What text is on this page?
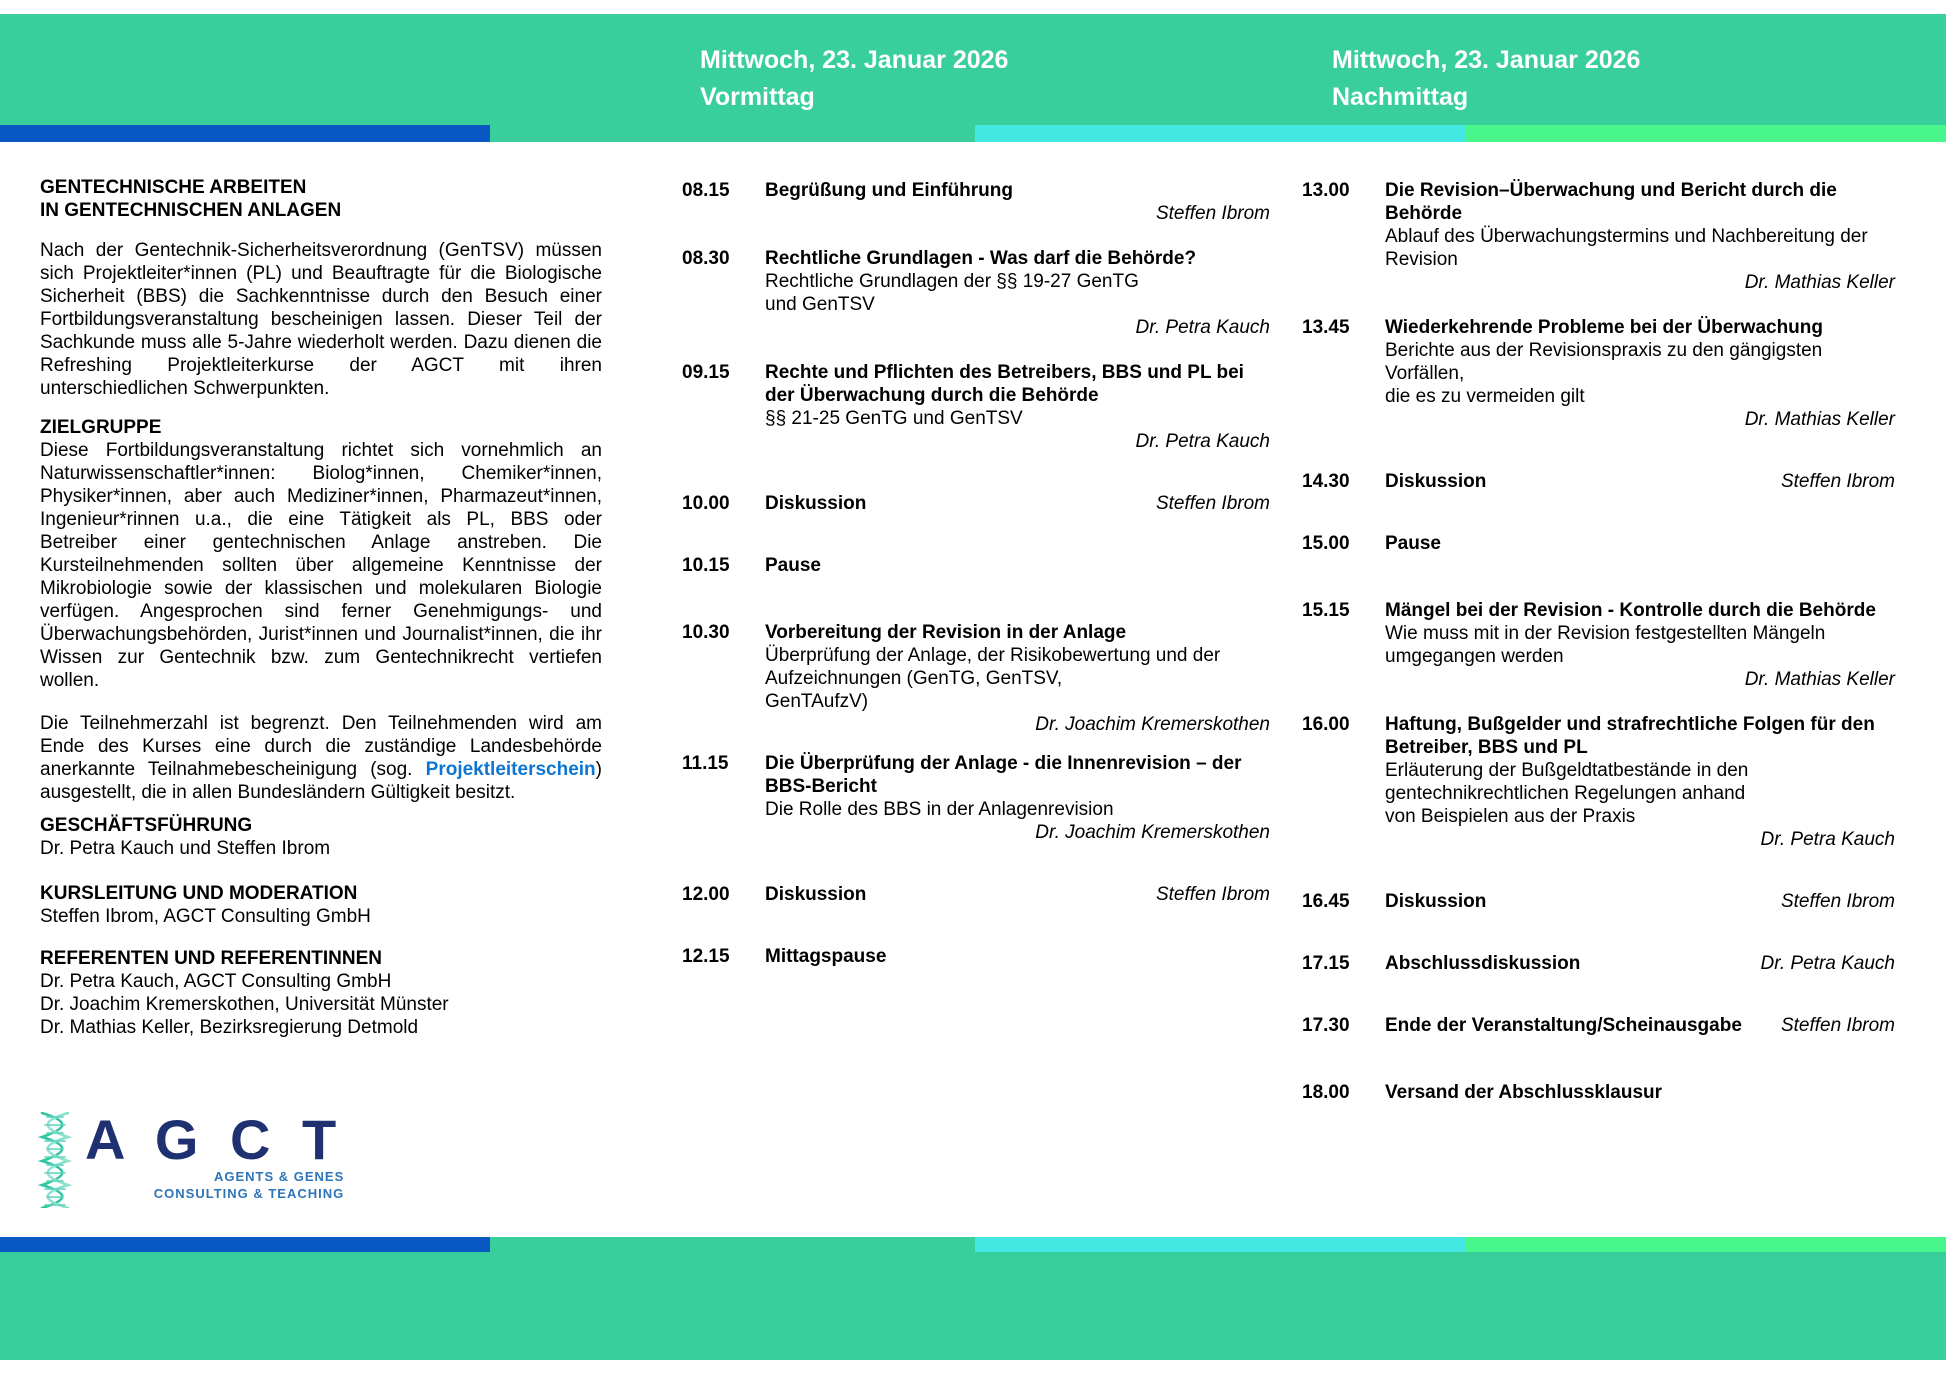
Mittwoch, 23. Januar 2026
Vormittag
Mittwoch, 23. Januar 2026
Nachmittag
GENTECHNISCHE ARBEITEN
IN GENTECHNISCHEN ANLAGEN

Nach der Gentechnik-Sicherheitsverordnung (GenTSV) müssen sich Projektleiter*innen (PL) und Beauftragte für die Biologische Sicherheit (BBS) die Sachkenntnisse durch den Besuch einer Fortbildungsveranstaltung bescheinigen lassen. Dieser Teil der Sachkunde muss alle 5-Jahre wiederholt werden. Dazu dienen die Refreshing Projektleiterkurse der AGCT mit ihren unterschiedlichen Schwerpunkten.

ZIELGRUPPE

Diese Fortbildungsveranstaltung richtet sich vornehmlich an Naturwissenschaftler*innen: Biolog*innen, Chemiker*innen, Physiker*innen, aber auch Mediziner*innen, Pharmazeut*innen, Ingenieur*rinnen u.a., die eine Tätigkeit als PL, BBS oder Betreiber einer gentechnischen Anlage anstreben. Die Kursteilnehmenden sollten über allgemeine Kenntnisse der Mikrobiologie sowie der klassischen und molekularen Biologie verfügen. Angesprochen sind ferner Genehmigungs- und Überwachungsbehörden, Jurist*innen und Journalist*innen, die ihr Wissen zur Gentechnik bzw. zum Gentechnikrecht vertiefen wollen.

Die Teilnehmerzahl ist begrenzt. Den Teilnehmenden wird am Ende des Kurses eine durch die zuständige Landesbehörde anerkannte Teilnahmebescheinigung (sog. Projektleiterschein) ausgestellt, die in allen Bundesländern Gültigkeit besitzt.

GESCHÄFTSFÜHRUNG
Dr. Petra Kauch und Steffen Ibrom
KURSLEITUNG UND MODERATION
Steffen Ibrom, AGCT Consulting GmbH
REFERENTEN UND REFERENTINNEN
Dr. Petra Kauch, AGCT Consulting GmbH
Dr. Joachim Kremerskothen, Universität Münster
Dr. Mathias Keller, Bezirksregierung Detmold
08.15	Begrüßung und Einführung
Steffen Ibrom
08.30	Rechtliche Grundlagen - Was darf die Behörde?
Rechtliche Grundlagen der §§ 19-27 GenTG
und GenTSV
Dr. Petra Kauch
09.15	Rechte und Pflichten des Betreibers, BBS und PL bei der Überwachung durch die Behörde
§§ 21-25 GenTG und GenTSV
Dr. Petra Kauch
10.00	Diskussion	Steffen Ibrom
10.15	Pause
10.30	Vorbereitung der Revision in der Anlage
Überprüfung der Anlage, der Risikobewertung und der
Aufzeichnungen (GenTG, GenTSV,
GenTAufzV)
Dr. Joachim Kremerskothen
11.15	Die Überprüfung der Anlage - die Innenrevision – der BBS-Bericht
Die Rolle des BBS in der Anlagenrevision
Dr. Joachim Kremerskothen
12.00	Diskussion	Steffen Ibrom
12.15	Mittagspause
13.00	Die Revision–Überwachung und Bericht durch die Behörde
Ablauf des Überwachungstermins und Nachbereitung der
Revision
Dr. Mathias Keller
13.45	Wiederkehrende Probleme bei der Überwachung
Berichte aus der Revisionspraxis zu den gängigsten Vorfällen,
die es zu vermeiden gilt
Dr. Mathias Keller
14.30	Diskussion	Steffen Ibrom
15.00	Pause
15.15	Mängel bei der Revision - Kontrolle durch die Behörde
Wie muss mit in der Revision festgestellten Mängeln
umgegangen werden
Dr. Mathias Keller
16.00	Haftung, Bußgelder und strafrechtliche Folgen für den Betreiber, BBS und PL
Erläuterung der Bußgeldtatbestände in den
gentechnikrechtlichen Regelungen anhand
von Beispielen aus der Praxis
Dr. Petra Kauch
16.45	Diskussion	Steffen Ibrom
17.15	Abschlussdiskussion	Dr. Petra Kauch
17.30	Ende der Veranstaltung/Scheinausgabe	Steffen Ibrom
18.00	Versand der Abschlussklausur
A G C T
AGENTS & GENES
CONSULTING & TEACHING
